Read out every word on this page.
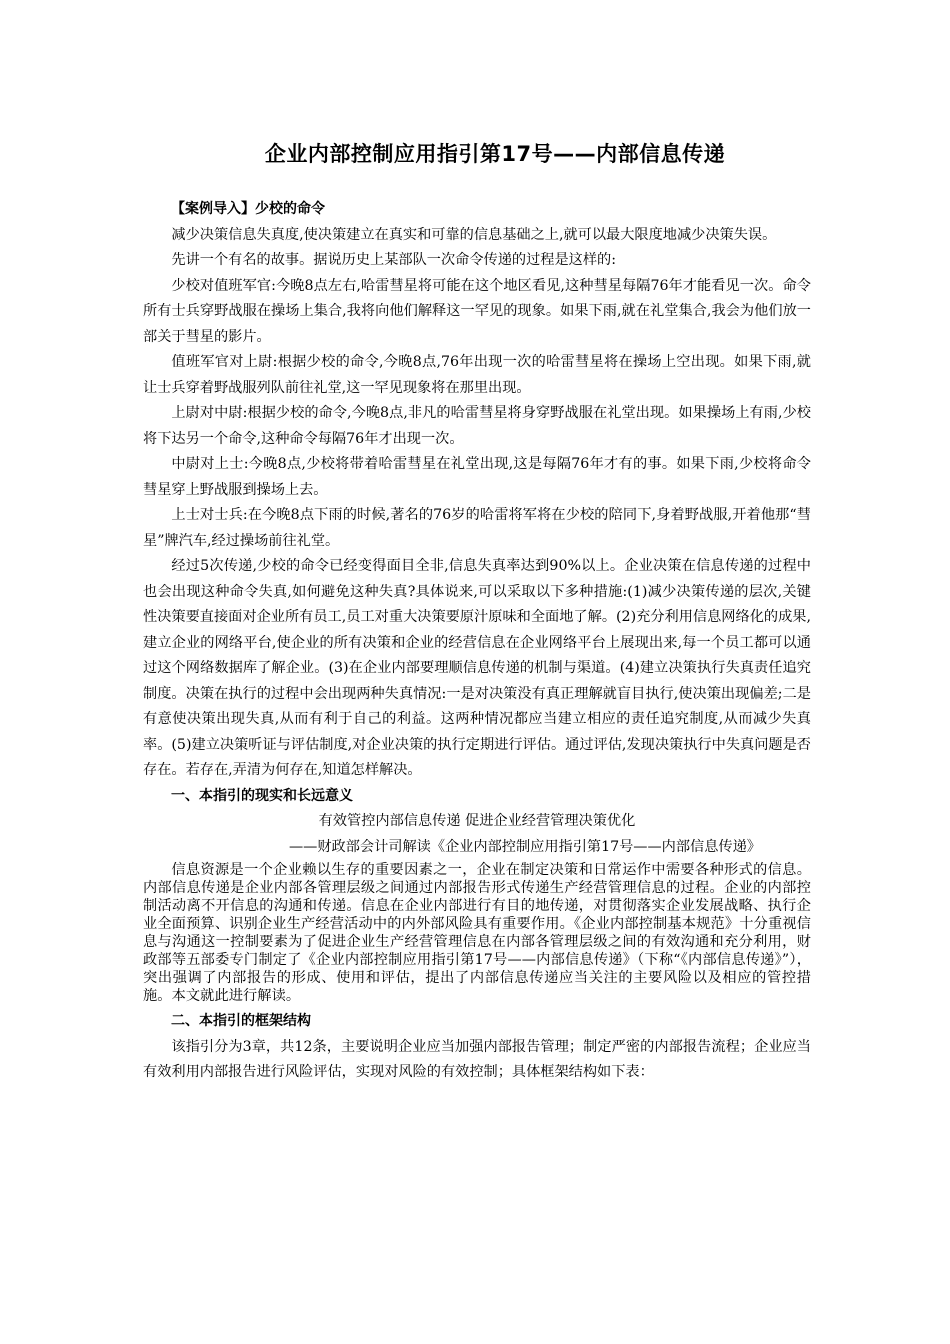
企业内部控制应用指引第17号——内部信息传递

【案例导入】少校的命令

减少决策信息失真度,使决策建立在真实和可靠的信息基础之上,就可以最大限度地减少决策失误。

先讲一个有名的故事。据说历史上某部队一次命令传递的过程是这样的:

少校对值班军官:今晚8点左右,哈雷彗星将可能在这个地区看见,这种彗星每隔76年才能看见一次。命令所有士兵穿野战服在操场上集合,我将向他们解释这一罕见的现象。如果下雨,就在礼堂集合,我会为他们放一部关于彗星的影片。

值班军官对上尉:根据少校的命令,今晚8点,76年出现一次的哈雷彗星将在操场上空出现。如果下雨,就让士兵穿着野战服列队前往礼堂,这一罕见现象将在那里出现。

上尉对中尉:根据少校的命令,今晚8点,非凡的哈雷彗星将身穿野战服在礼堂出现。如果操场上有雨,少校将下达另一个命令,这种命令每隔76年才出现一次。

中尉对上士:今晚8点,少校将带着哈雷彗星在礼堂出现,这是每隔76年才有的事。如果下雨,少校将命令彗星穿上野战服到操场上去。

上士对士兵:在今晚8点下雨的时候,著名的76岁的哈雷将军将在少校的陪同下,身着野战服,开着他那“彗星”牌汽车,经过操场前往礼堂。

经过5次传递,少校的命令已经变得面目全非,信息失真率达到90%以上。企业决策在信息传递的过程中也会出现这种命令失真,如何避免这种失真?具体说来,可以采取以下多种措施:(1)减少决策传递的层次,关键性决策要直接面对企业所有员工,员工对重大决策要原汁原味和全面地了解。(2)充分利用信息网络化的成果,建立企业的网络平台,使企业的所有决策和企业的经营信息在企业网络平台上展现出来,每一个员工都可以通过这个网络数据库了解企业。(3)在企业内部要理顺信息传递的机制与渠道。(4)建立决策执行失真责任追究制度。决策在执行的过程中会出现两种失真情况:一是对决策没有真正理解就盲目执行,使决策出现偏差;二是有意使决策出现失真,从而有利于自己的利益。这两种情况都应当建立相应的责任追究制度,从而减少失真率。(5)建立决策听证与评估制度,对企业决策的执行定期进行评估。通过评估,发现决策执行中失真问题是否存在。若存在,弄清为何存在,知道怎样解决。

一、本指引的现实和长远意义

有效管控内部信息传递 促进企业经营管理决策优化

——财政部会计司解读《企业内部控制应用指引第17号——内部信息传递》

信息资源是一个企业赖以生存的重要因素之一，企业在制定决策和日常运作中需要各种形式的信息。内部信息传递是企业内部各管理层级之间通过内部报告形式传递生产经营管理信息的过程。企业的内部控制活动离不开信息的沟通和传递。信息在企业内部进行有目的地传递，对贯彻落实企业发展战略、执行企业全面预算、识别企业生产经营活动中的内外部风险具有重要作用。《企业内部控制基本规范》十分重视信息与沟通这一控制要素为了促进企业生产经营管理信息在内部各管理层级之间的有效沟通和充分利用，财政部等五部委专门制定了《企业内部控制应用指引第17号——内部信息传递》（下称“《内部信息传递》”），突出强调了内部报告的形成、使用和评估，提出了内部信息传递应当关注的主要风险以及相应的管控措施。本文就此进行解读。

二、本指引的框架结构

该指引分为3章，共12条，主要说明企业应当加强内部报告管理；制定严密的内部报告流程；企业应当有效利用内部报告进行风险评估，实现对风险的有效控制；具体框架结构如下表：
